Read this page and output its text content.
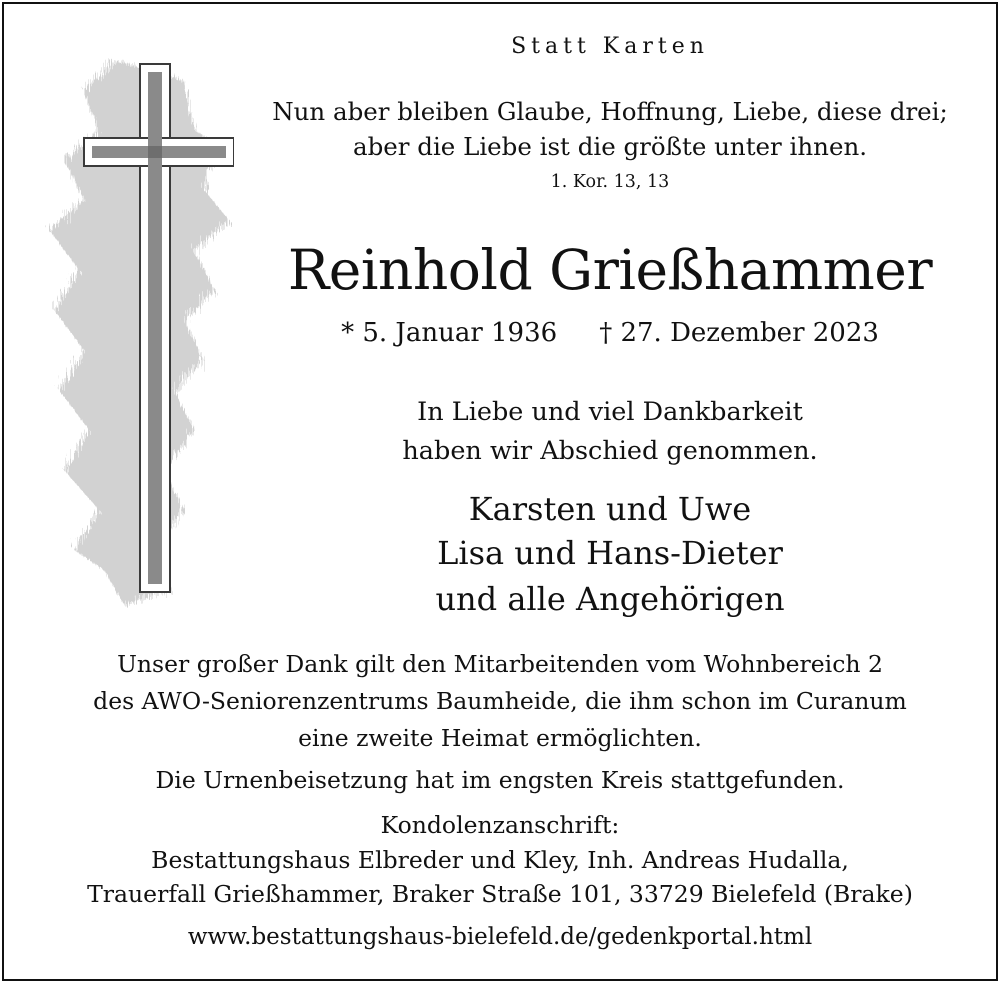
Statt Karten
Nun aber bleiben Glaube, Hoffnung, Liebe, diese drei;
aber die Liebe ist die größte unter ihnen.
1. Kor. 13, 13
Reinhold Grießhammer
* 5. Januar 1936 † 27. Dezember 2023
In Liebe und viel Dankbarkeit
haben wir Abschied genommen.
Karsten und Uwe
Lisa und Hans-Dieter
und alle Angehörigen
Unser großer Dank gilt den Mitarbeitenden vom Wohnbereich 2
des AWO-Seniorenzentrums Baumheide, die ihm schon im Curanum
eine zweite Heimat ermöglichten.
Die Urnenbeisetzung hat im engsten Kreis stattgefunden.
Kondolenzanschrift:
Bestattungshaus Elbreder und Kley, Inh. Andreas Hudalla,
Trauerfall Grießhammer, Braker Straße 101, 33729 Bielefeld (Brake)
www.bestattungshaus-bielefeld.de/gedenkportal.html
